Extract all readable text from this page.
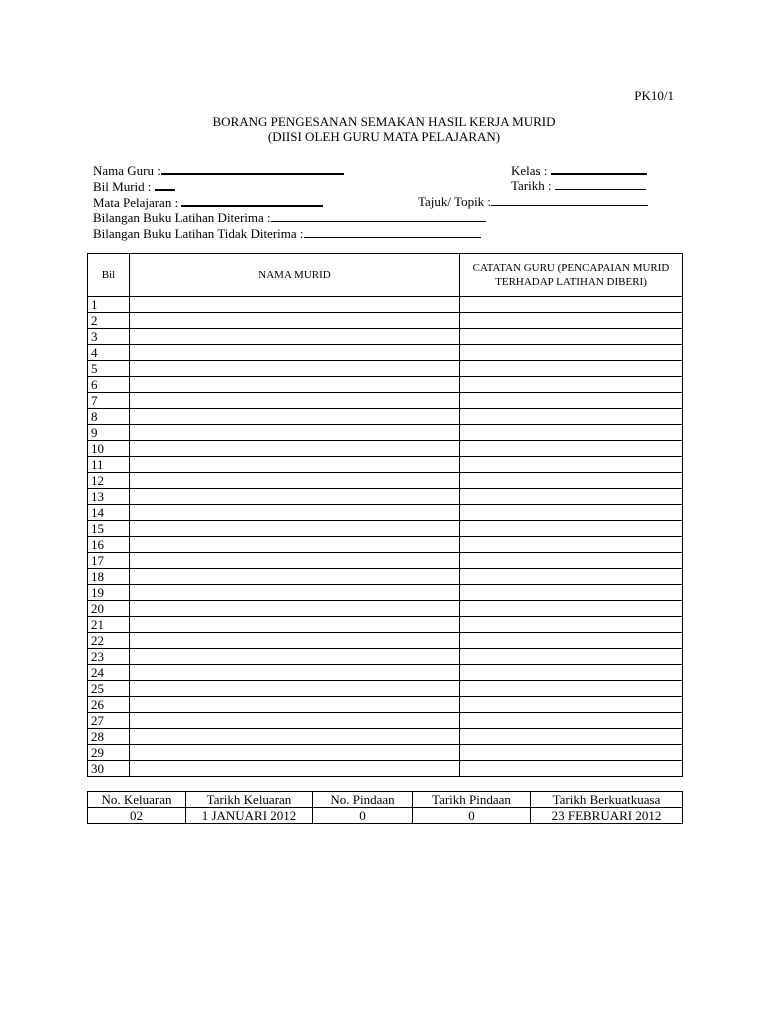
PK10/1
BORANG PENGESANAN SEMAKAN HASIL KERJA MURID
(DIISI OLEH GURU MATA PELAJARAN)
Nama Guru :	Kelas :
Bil Murid :	Tarikh :
Mata Pelajaran :	Tajuk/ Topik :
Bilangan Buku Latihan Diterima :
Bilangan Buku Latihan Tidak Diterima :
Bil	NAMA MURID	CATATAN GURU (PENCAPAIAN MURID TERHADAP LATIHAN DIBERI)
1		
2		
3		
4		
5		
6		
7		
8		
9		
10		
11		
12		
13		
14		
15		
16		
17		
18		
19		
20		
21		
22		
23		
24		
25		
26		
27		
28		
29		
30		
No. Keluaran	Tarikh Keluaran	No. Pindaan	Tarikh Pindaan	Tarikh Berkuatkuasa
02	1 JANUARI 2012	0	0	23 FEBRUARI 2012
